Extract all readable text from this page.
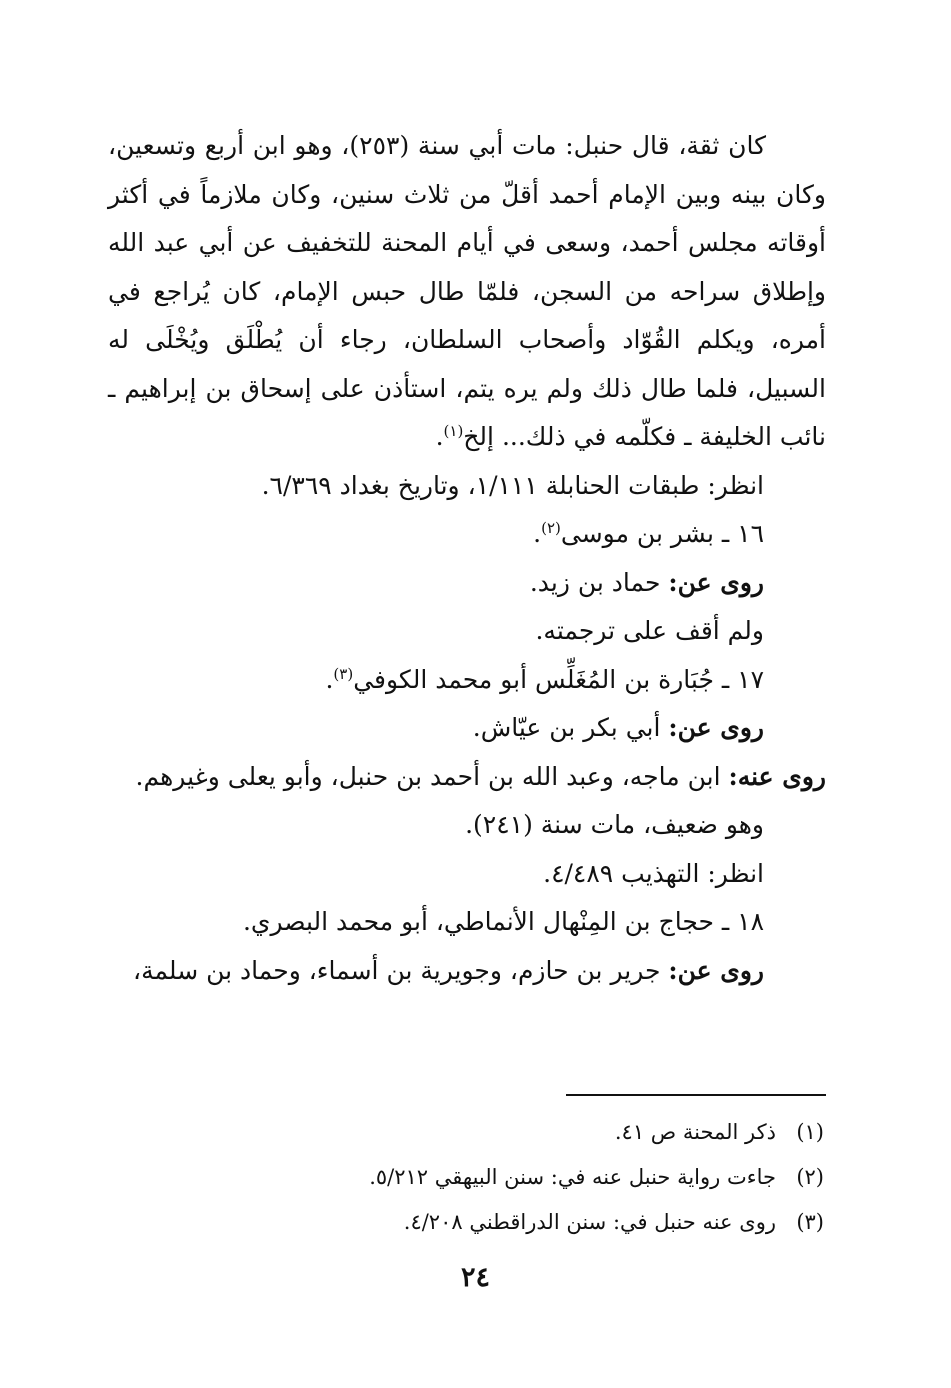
كان ثقة، قال حنبل: مات أبي سنة (٢٥٣)، وهو ابن أربع وتسعين، وكان بينه وبين الإمام أحمد أقلّ من ثلاث سنين، وكان ملازماً في أكثر أوقاته مجلس أحمد، وسعى في أيام المحنة للتخفيف عن أبي عبد الله وإطلاق سراحه من السجن، فلمّا طال حبس الإمام، كان يُراجع في أمره، ويكلم القُوّاد وأصحاب السلطان، رجاء أن يُطْلَق ويُخْلَى له السبيل، فلما طال ذلك ولم يره يتم، استأذن على إسحاق بن إبراهيم ـ نائب الخليفة ـ فكلّمه في ذلك... إلخ$^{(١)}$.

انظر: طبقات الحنابلة ١/١١١، وتاريخ بغداد ٦/٣٦٩.

١٦ ـ بشر بن موسى$^{(٢)}$.

روى عن: حماد بن زيد.

ولم أقف على ترجمته.

١٧ ـ جُبَارة بن المُغَلِّس أبو محمد الكوفي$^{(٣)}$.

روى عن: أبي بكر بن عيّاش.

روى عنه: ابن ماجه، وعبد الله بن أحمد بن حنبل، وأبو يعلى وغيرهم.

وهو ضعيف، مات سنة (٢٤١).

انظر: التهذيب ٤/٤٨٩.

١٨ ـ حجاج بن المِنْهال الأنماطي، أبو محمد البصري.

روى عن: جرير بن حازم، وجويرية بن أسماء، وحماد بن سلمة،

(١)ذكر المحنة ص ٤١.

(٢)جاءت رواية حنبل عنه في: سنن البيهقي ٥/٢١٢.

(٣)روى عنه حنبل في: سنن الدراقطني ٤/٢٠٨.

٢٤
